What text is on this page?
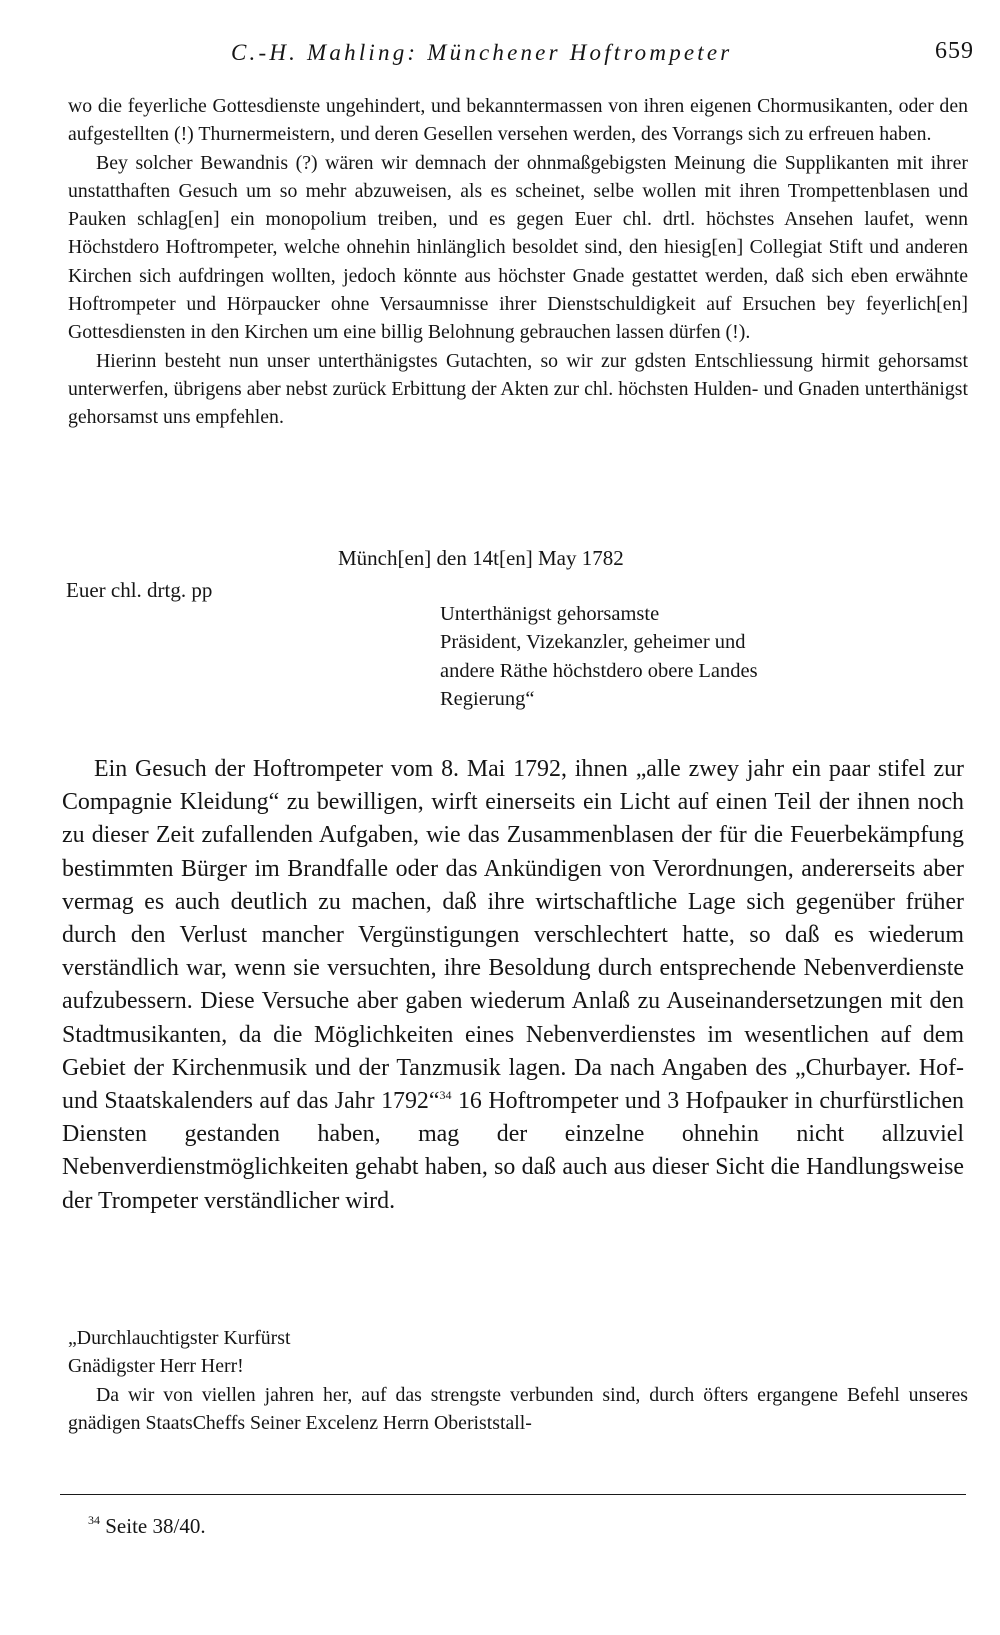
C.-H. Mahling: Münchener Hoftrompeter	659

wo die feyerliche Gottesdienste ungehindert, und bekanntermassen von ihren eigenen Chormusikanten, oder den aufgestellten (!) Thurnermeistern, und deren Gesellen versehen werden, des Vorrangs sich zu erfreuen haben.

Bey solcher Bewandnis (?) wären wir demnach der ohnmaßgebigsten Meinung die Supplikanten mit ihrer unstatthaften Gesuch um so mehr abzuweisen, als es scheinet, selbe wollen mit ihren Trompettenblasen und Pauken schlag[en] ein monopolium treiben, und es gegen Euer chl. drtl. höchstes Ansehen laufet, wenn Höchstdero Hoftrompeter, welche ohnehin hinlänglich besoldet sind, den hiesig[en] Collegiat Stift und anderen Kirchen sich aufdringen wollten, jedoch könnte aus höchster Gnade gestattet werden, daß sich eben erwähnte Hoftrompeter und Hörpaucker ohne Versaumnisse ihrer Dienstschuldigkeit auf Ersuchen bey feyerlich[en] Gottesdiensten in den Kirchen um eine billig Belohnung gebrauchen lassen dürfen (!).

Hierinn besteht nun unser unterthänigstes Gutachten, so wir zur gdsten Entschliessung hirmit gehorsamst unterwerfen, übrigens aber nebst zurück Erbittung der Akten zur chl. höchsten Hulden- und Gnaden unterthänigst gehorsamst uns empfehlen.

Münch[en] den 14t[en] May 1782
Euer chl. drtg. pp
Unterthänigst gehorsamste
Präsident, Vizekanzler, geheimer und
andere Räthe höchstdero obere Landes
Regierung“

Ein Gesuch der Hoftrompeter vom 8. Mai 1792, ihnen „alle zwey jahr ein paar stifel zur Compagnie Kleidung“ zu bewilligen, wirft einerseits ein Licht auf einen Teil der ihnen noch zu dieser Zeit zufallenden Aufgaben, wie das Zusammenblasen der für die Feuerbekämpfung bestimmten Bürger im Brandfalle oder das Ankündigen von Verordnungen, andererseits aber vermag es auch deutlich zu machen, daß ihre wirtschaftliche Lage sich gegenüber früher durch den Verlust mancher Vergünstigungen verschlechtert hatte, so daß es wiederum verständlich war, wenn sie versuchten, ihre Besoldung durch entsprechende Nebenverdienste aufzubessern. Diese Versuche aber gaben wiederum Anlaß zu Auseinandersetzungen mit den Stadtmusikanten, da die Möglichkeiten eines Nebenverdienstes im wesentlichen auf dem Gebiet der Kirchenmusik und der Tanzmusik lagen. Da nach Angaben des „Churbayer. Hof- und Staatskalenders auf das Jahr 1792“$^{34}$ 16 Hoftrompeter und 3 Hofpauker in churfürstlichen Diensten gestanden haben, mag der einzelne ohnehin nicht allzuviel Nebenverdienstmöglichkeiten gehabt haben, so daß auch aus dieser Sicht die Handlungsweise der Trompeter verständlicher wird.

„Durchlauchtigster Kurfürst

Gnädigster Herr Herr!

Da wir von viellen jahren her, auf das strengste verbunden sind, durch öfters ergangene Befehl unseres gnädigen StaatsCheffs Seiner Excelenz Herrn Oberiststall-

$^{34}$ Seite 38/40.
